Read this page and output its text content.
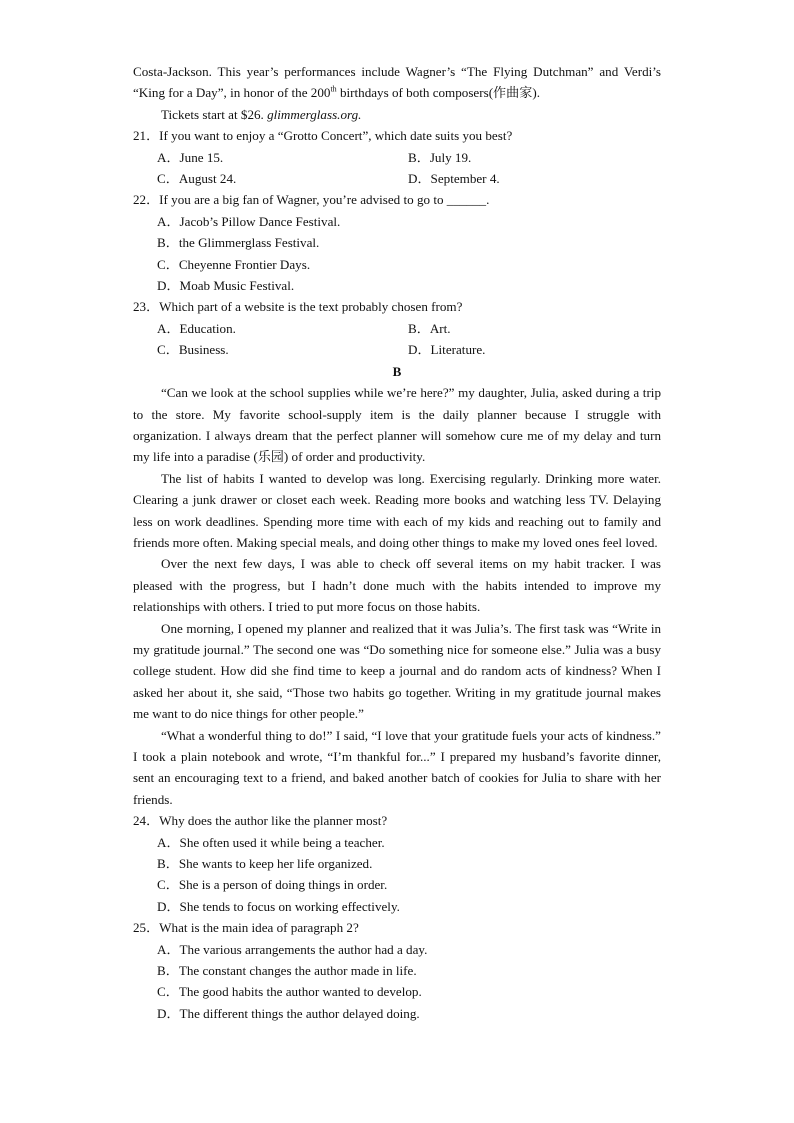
Costa-Jackson. This year’s performances include Wagner’s “The Flying Dutchman” and Verdi’s “King for a Day”, in honor of the 200th birthdays of both composers(作曲家).

Tickets start at $26. glimmerglass.org.

21．If you want to enjoy a “Grotto Concert”, which date suits you best?
A．June 15.	B．July 19.
C．August 24.	D．September 4.
22．If you are a big fan of Wagner, you’re advised to go to ______.
A．Jacob’s Pillow Dance Festival.
B．the Glimmerglass Festival.
C．Cheyenne Frontier Days.
D．Moab Music Festival.
23．Which part of a website is the text probably chosen from?
A．Education.	B．Art.
C．Business.	D．Literature.
B

“Can we look at the school supplies while we’re here?” my daughter, Julia, asked during a trip to the store. My favorite school-supply item is the daily planner because I struggle with organization. I always dream that the perfect planner will somehow cure me of my delay and turn my life into a paradise (乐园) of order and productivity.

The list of habits I wanted to develop was long. Exercising regularly. Drinking more water. Clearing a junk drawer or closet each week. Reading more books and watching less TV. Delaying less on work deadlines. Spending more time with each of my kids and reaching out to family and friends more often. Making special meals, and doing other things to make my loved ones feel loved.

Over the next few days, I was able to check off several items on my habit tracker. I was pleased with the progress, but I hadn’t done much with the habits intended to improve my relationships with others. I tried to put more focus on those habits.

One morning, I opened my planner and realized that it was Julia’s. The first task was “Write in my gratitude journal.” The second one was “Do something nice for someone else.” Julia was a busy college student. How did she find time to keep a journal and do random acts of kindness? When I asked her about it, she said, “Those two habits go together. Writing in my gratitude journal makes me want to do nice things for other people.”

“What a wonderful thing to do!” I said, “I love that your gratitude fuels your acts of kindness.” I took a plain notebook and wrote, “I’m thankful for...” I prepared my husband’s favorite dinner, sent an encouraging text to a friend, and baked another batch of cookies for Julia to share with her friends.

24．Why does the author like the planner most?
A．She often used it while being a teacher.
B．She wants to keep her life organized.
C．She is a person of doing things in order.
D．She tends to focus on working effectively.
25．What is the main idea of paragraph 2?
A．The various arrangements the author had a day.
B．The constant changes the author made in life.
C．The good habits the author wanted to develop.
D．The different things the author delayed doing.
